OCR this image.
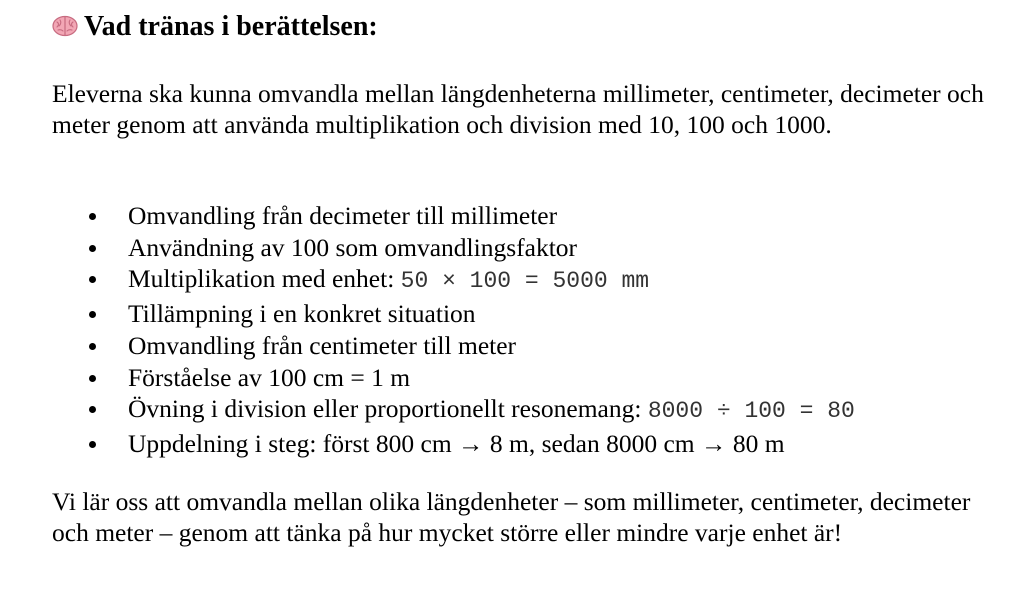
Vad tränas i berättelsen:

Eleverna ska kunna omvandla mellan längdenheterna millimeter, centimeter, decimeter och meter genom att använda multiplikation och division med 10, 100 och 1000.

Omvandling från decimeter till millimeter
Användning av 100 som omvandlingsfaktor
Multiplikation med enhet: 50 × 100 = 5000 mm
Tillämpning i en konkret situation
Omvandling från centimeter till meter
Förståelse av 100 cm = 1 m
Övning i division eller proportionellt resonemang: 8000 ÷ 100 = 80
Uppdelning i steg: först 800 cm → 8 m, sedan 8000 cm → 80 m

Vi lär oss att omvandla mellan olika längdenheter – som millimeter, centimeter, decimeter och meter – genom att tänka på hur mycket större eller mindre varje enhet är!
